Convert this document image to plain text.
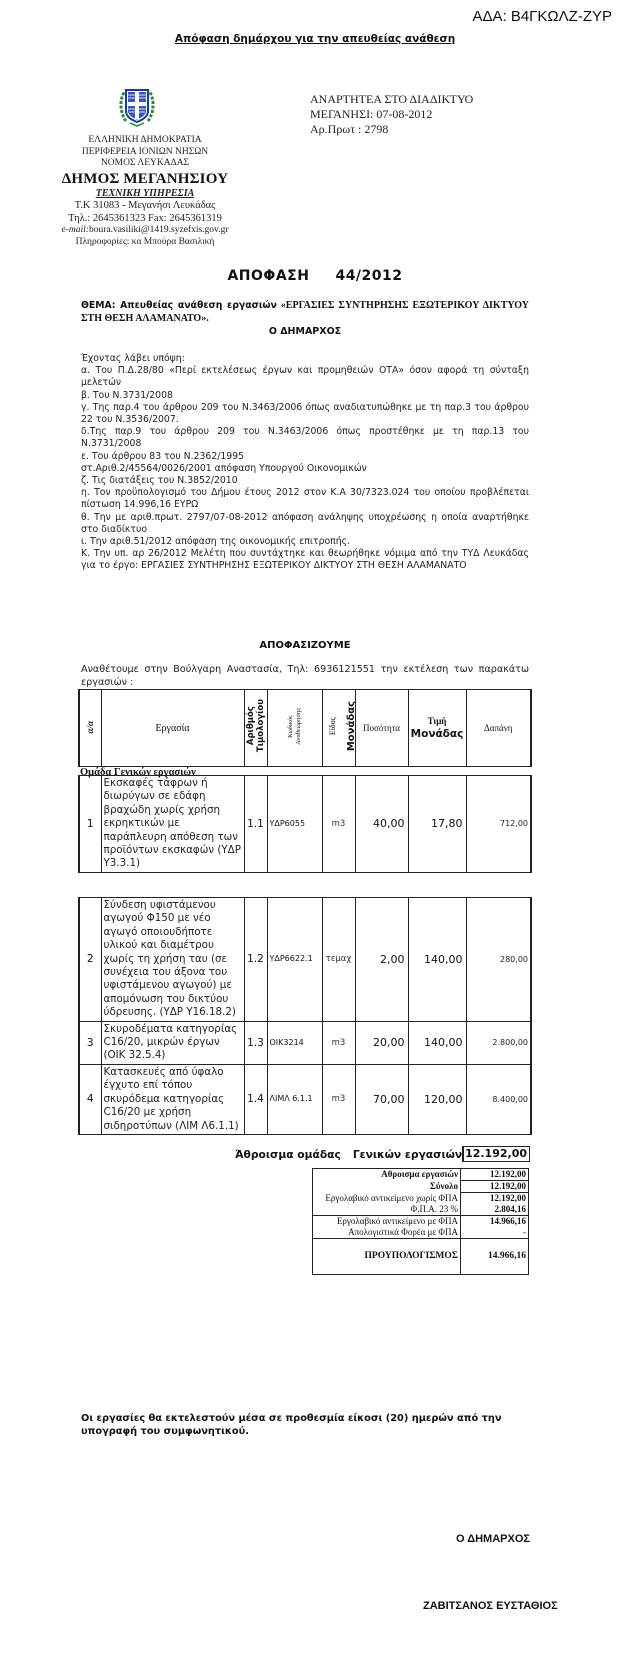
ΑΔΑ: Β4ΓΚΩΛΖ-ΖΥΡ
Απόφαση δημάρχου για την απευθείας ανάθεση
ΕΛΛΗΝΙΚΗ ΔΗΜΟΚΡΑΤΙΑ
ΠΕΡΙΦΕΡΕΙΑ ΙΟΝΙΩΝ ΝΗΣΩΝ
ΝΟΜΟΣ ΛΕΥΚΑΔΑΣ
ΔΗΜΟΣ ΜΕΓΑΝΗΣΙΟΥ
ΤΕΧΝΙΚΗ ΥΠΗΡΕΣΙΑ
Τ.Κ 31083 - Μεγανήσι Λευκάδας
Τηλ.: 2645361323 Fax: 2645361319
e-mail:boura.vasiliki@1419.syzefxis.gov.gr
Πληροφορίες: κα Μπούρα Βασιλική
ΑΝΑΡΤΗΤΕΑ ΣΤΟ ΔΙΑΔΙΚΤΥΟ
ΜΕΓΑΝΗΣΙ: 07-08-2012
Αρ.Πρωτ : 2798
ΑΠΟΦΑΣΗ 44/2012
ΘΕΜΑ: Απευθείας ανάθεση εργασιών «ΕΡΓΑΣΙΕΣ ΣΥΝΤΗΡΗΣΗΣ ΕΞΩΤΕΡΙΚΟΥ ΔΙΚΤΥΟΥ ΣΤΗ ΘΕΣΗ ΑΛΑΜΑΝΑΤΟ».
Ο ΔΗΜΑΡΧΟΣ

Έχοντας λάβει υπόψη:

α. Του Π.Δ.28/80 «Περί εκτελέσεως έργων και προμηθειών ΟΤΑ» όσον αφορά τη σύνταξη μελετών

β. Του Ν.3731/2008

γ. Της παρ.4 του άρθρου 209 του Ν.3463/2006 όπως αναδιατυπώθηκε με τη παρ.3 του άρθρου 22 του Ν.3536/2007.

δ.Της παρ.9 του άρθρου 209 του Ν.3463/2006 όπως προστέθηκε με τη παρ.13 του Ν.3731/2008

ε. Του άρθρου 83 του Ν.2362/1995

στ.Αριθ.2/45564/0026/2001 απόφαση Υπουργού Οικονομικών

ζ. Τις διατάξεις του Ν.3852/2010

η. Τον προϋπολογισμό του Δήμου έτους 2012 στον Κ.Α 30/7323.024 του οποίου προβλέπεται πίστωση 14.996,16 ΕΥΡΩ

θ. Την με αριθ.πρωτ. 2797/07-08-2012 απόφαση ανάληψης υποχρέωσης η οποία αναρτήθηκε στο διαδίκτυο

ι. Την αριθ.51/2012 απόφαση της οικονομικής επιτροπής.

Κ. Την υπ. αρ 26/2012 Μελέτη που συντάχτηκε και θεωρήθηκε νόμιμα από την ΤΥΔ Λευκάδας για το έργο: ΕΡΓΑΣΙΕΣ ΣΥΝΤΗΡΗΣΗΣ ΕΞΩΤΕΡΙΚΟΥ ΔΙΚΤΥΟΥ ΣΤΗ ΘΕΣΗ ΑΛΑΜΑΝΑΤΟ

ΑΠΟΦΑΣΙΖΟΥΜΕ
Αναθέτουμε στην Βούλγαρη Αναστασία, Τηλ: 6936121551 την εκτέλεση των παρακάτω εργασιών :
α/α	Εργασία	Αριθμός
Τιμολογίου	Κωδικός
Αναθεώρησης	Είδος Μονάδας	Ποσότητα	
Τιμή
Μονάδας	Δαπάνη
Ομάδα Γενικών εργασιών
1	Εκσκαφές τάφρων ή διωρύγων σε εδάφη βραχώδη χωρίς χρήση εκρηκτικών με παράπλευρη απόθεση των προϊόντων εκσκαφών (ΥΔΡ Υ3.3.1)	1.1	ΥΔΡ6055	m3	40,00	17,80	712,00
2	Σύνδεση υφιστάμενου αγωγού Φ150 με νέο αγωγό οποιουδήποτε υλικού και διαμέτρου χωρίς τη χρήση ταυ (σε συνέχεια του άξονα του υφιστάμενου αγωγού) με απομόνωση του δικτύου ύδρευσης. (ΥΔΡ Υ16.18.2)	1.2	ΥΔΡ6622.1	τεμαχ	2,00	140,00	280,00
3	Σκυροδέματα κατηγορίας C16/20, μικρών έργων (ΟΙΚ 32.5.4)	1.3	ΟΙΚ3214	m3	20,00	140,00	2.800,00
4	Κατασκευές από ύφαλο έγχυτο επί τόπου σκυρόδεμα κατηγορίας C16/20 με χρήση σιδηροτύπων (ΛΙΜ Λ6.1.1)	1.4	ΛΙΜΛ 6.1.1	m3	70,00	120,00	8.400,00
Άθροισμα ομάδας Γενικών εργασιών 12.192,00
Αθροισμα εργασιών	12.192,00
Σύνολο	12.192,00
Εργολαβικό αντικείμενο χωρίς ΦΠΑ	12.192,00
Φ.Π.Α. 23 %	2.804,16
Εργολαβικό αντικείμενο με ΦΠΑ	14.966,16
Απολογιστικά Φορέα με ΦΠΑ	-
ΠΡΟΥΠΟΛΟΓΙΣΜΟΣ	14.966,16
Οι εργασίες θα εκτελεστούν μέσα σε προθεσμία είκοσι (20) ημερών από την υπογραφή του συμφωνητικού.
Ο ΔΗΜΑΡΧΟΣ
ΖΑΒΙΤΣΑΝΟΣ ΕΥΣΤΑΘΙΟΣ
